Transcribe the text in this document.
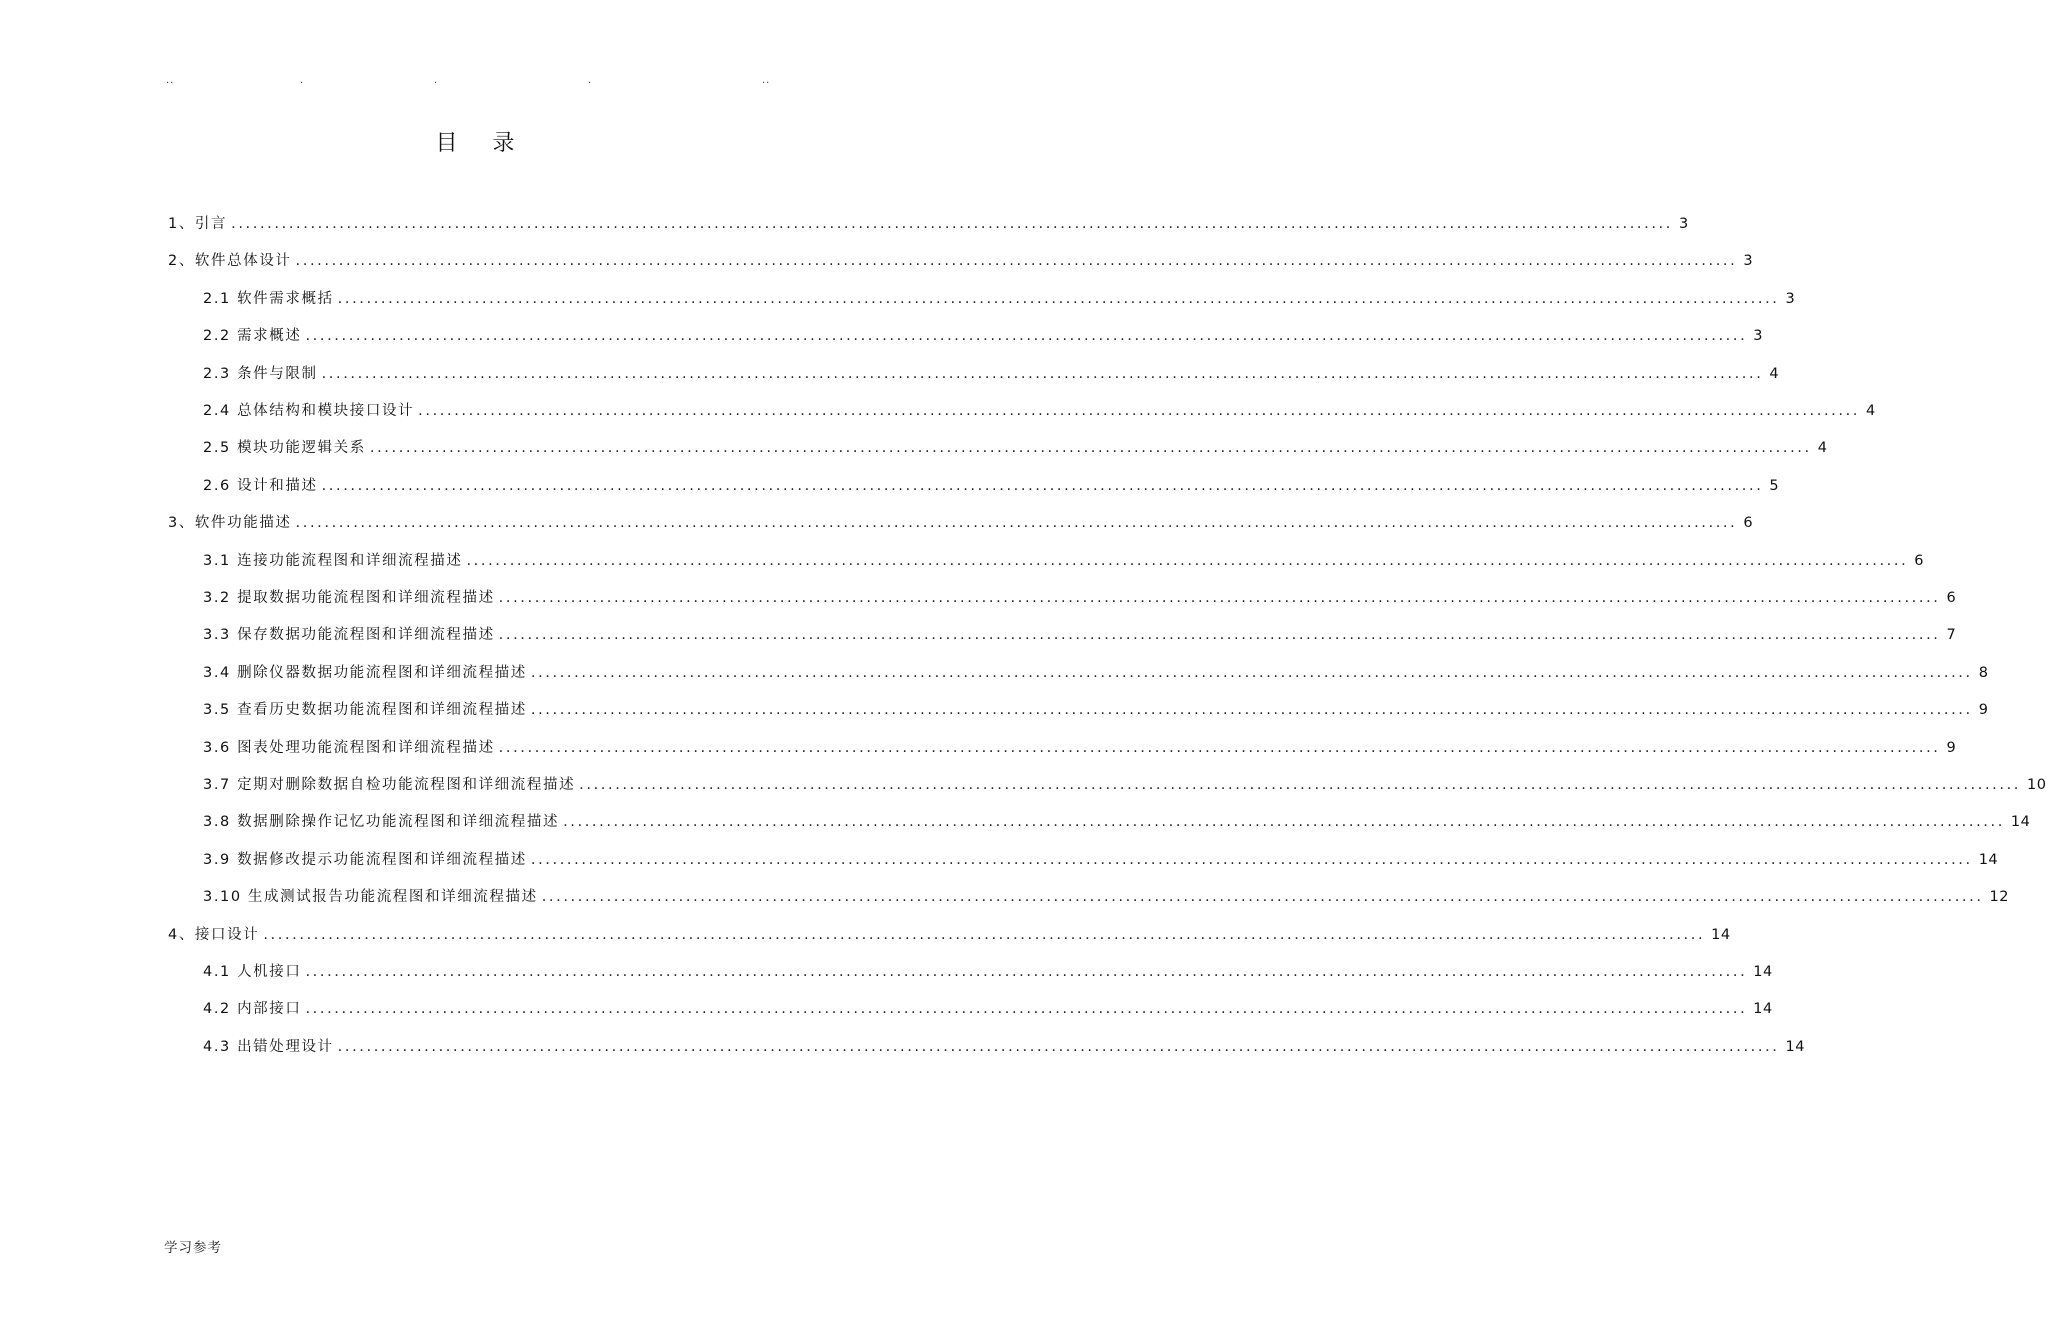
..	.	.	.	..
目 录
1、引言 ........................................................................................................................................................................................................ 3
2、软件总体设计 ........................................................................................................................................................................................................ 3
2.1 软件需求概括 ........................................................................................................................................................................................................ 3
2.2 需求概述 ........................................................................................................................................................................................................ 3
2.3 条件与限制 ........................................................................................................................................................................................................ 4
2.4 总体结构和模块接口设计 ........................................................................................................................................................................................................ 4
2.5 模块功能逻辑关系 ........................................................................................................................................................................................................ 4
2.6 设计和描述 ........................................................................................................................................................................................................ 5
3、软件功能描述 ........................................................................................................................................................................................................ 6
3.1 连接功能流程图和详细流程描述 ........................................................................................................................................................................................................ 6
3.2 提取数据功能流程图和详细流程描述 ........................................................................................................................................................................................................ 6
3.3 保存数据功能流程图和详细流程描述 ........................................................................................................................................................................................................ 7
3.4 删除仪器数据功能流程图和详细流程描述 ........................................................................................................................................................................................................ 8
3.5 查看历史数据功能流程图和详细流程描述 ........................................................................................................................................................................................................ 9
3.6 图表处理功能流程图和详细流程描述 ........................................................................................................................................................................................................ 9
3.7 定期对删除数据自检功能流程图和详细流程描述 ........................................................................................................................................................................................................ 10
3.8 数据删除操作记忆功能流程图和详细流程描述 ........................................................................................................................................................................................................ 14
3.9 数据修改提示功能流程图和详细流程描述 ........................................................................................................................................................................................................ 14
3.10 生成测试报告功能流程图和详细流程描述 ........................................................................................................................................................................................................ 12
4、接口设计 ........................................................................................................................................................................................................ 14
4.1 人机接口 ........................................................................................................................................................................................................ 14
4.2 内部接口 ........................................................................................................................................................................................................ 14
4.3 出错处理设计 ........................................................................................................................................................................................................ 14
学习参考
